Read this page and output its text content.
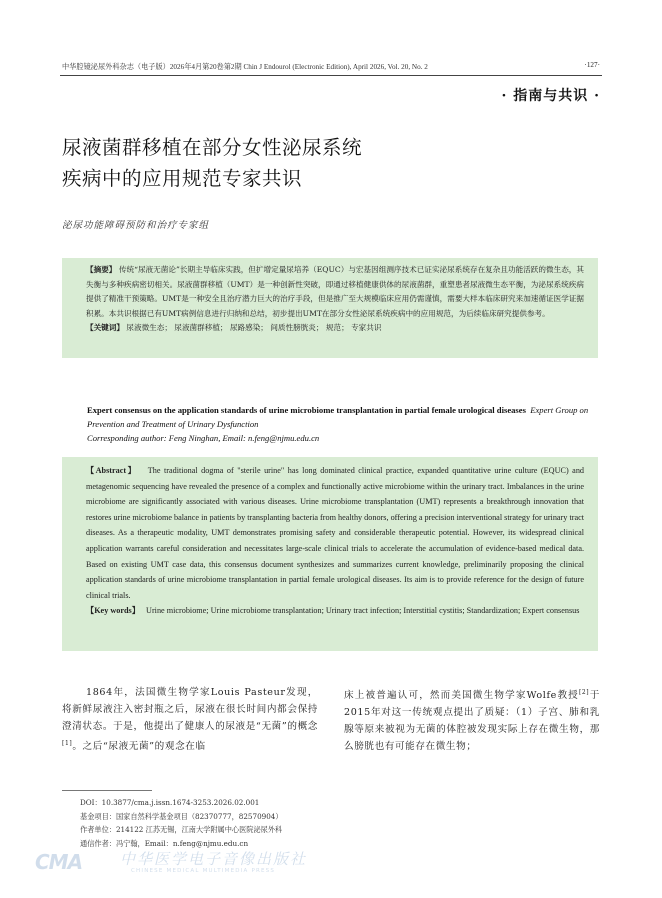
中华腔镜泌尿外科杂志（电子版）2026年4月第20卷第2期 Chin J Endourol (Electronic Edition), April 2026, Vol. 20, No. 2	·127·
· 指南与共识 ·
尿液菌群移植在部分女性泌尿系统
疾病中的应用规范专家共识
泌尿功能障碍预防和治疗专家组

【摘要】 传统“尿液无菌论”长期主导临床实践，但扩增定量尿培养（EQUC）与宏基因组测序技术已证实泌尿系统存在复杂且功能活跃的微生态，其失衡与多种疾病密切相关。尿液菌群移植（UMT）是一种创新性突破，即通过移植健康供体的尿液菌群，重塑患者尿液微生态平衡，为泌尿系统疾病提供了精准干预策略。UMT是一种安全且治疗潜力巨大的治疗手段，但是推广至大规模临床应用仍需谨慎，需要大样本临床研究来加速循证医学证据积累。本共识根据已有UMT病例信息进行归纳和总结，初步提出UMT在部分女性泌尿系统疾病中的应用规范，为后续临床研究提供参考。

【关键词】 尿液微生态； 尿液菌群移植； 尿路感染； 间质性膀胱炎； 规范； 专家共识

Expert consensus on the application standards of urine microbiome transplantation in partial female urological diseases Expert Group on Prevention and Treatment of Urinary Dysfunction
Corresponding author: Feng Ninghan, Email: n.feng@njmu.edu.cn

【Abstract】 The traditional dogma of "sterile urine" has long dominated clinical practice, expanded quantitative urine culture (EQUC) and metagenomic sequencing have revealed the presence of a complex and functionally active microbiome within the urinary tract. Imbalances in the urine microbiome are significantly associated with various diseases. Urine microbiome transplantation (UMT) represents a breakthrough innovation that restores urine microbiome balance in patients by transplanting bacteria from healthy donors, offering a precision interventional strategy for urinary tract diseases. As a therapeutic modality, UMT demonstrates promising safety and considerable therapeutic potential. However, its widespread clinical application warrants careful consideration and necessitates large-scale clinical trials to accelerate the accumulation of evidence-based medical data. Based on existing UMT case data, this consensus document synthesizes and summarizes current knowledge, preliminarily proposing the clinical application standards of urine microbiome transplantation in partial female urological diseases. Its aim is to provide reference for the design of future clinical trials.

【Key words】 Urine microbiome; Urine microbiome transplantation; Urinary tract infection; Interstitial cystitis; Standardization; Expert consensus

1864年，法国微生物学家Louis Pasteur发现，将新鲜尿液注入密封瓶之后，尿液在很长时间内都会保持澄清状态。于是，他提出了健康人的尿液是“无菌”的概念[1]。之后“尿液无菌”的观念在临

床上被普遍认可，然而美国微生物学家Wolfe教授[2]于2015年对这一传统观点提出了质疑：（1）子宫、肺和乳腺等原来被视为无菌的体腔被发现实际上存在微生物，那么膀胱也有可能存在微生物；

DOI：10.3877/cma.j.issn.1674-3253.2026.02.001
基金项目：国家自然科学基金项目（82370777，82570904）
作者单位：214122 江苏无锡，江南大学附属中心医院泌尿外科
通信作者：冯宁翰，Email：n.feng@njmu.edu.cn
CMA	中华医学电子音像出版社
CHINESE MEDICAL MULTIMEDIA PRESS
